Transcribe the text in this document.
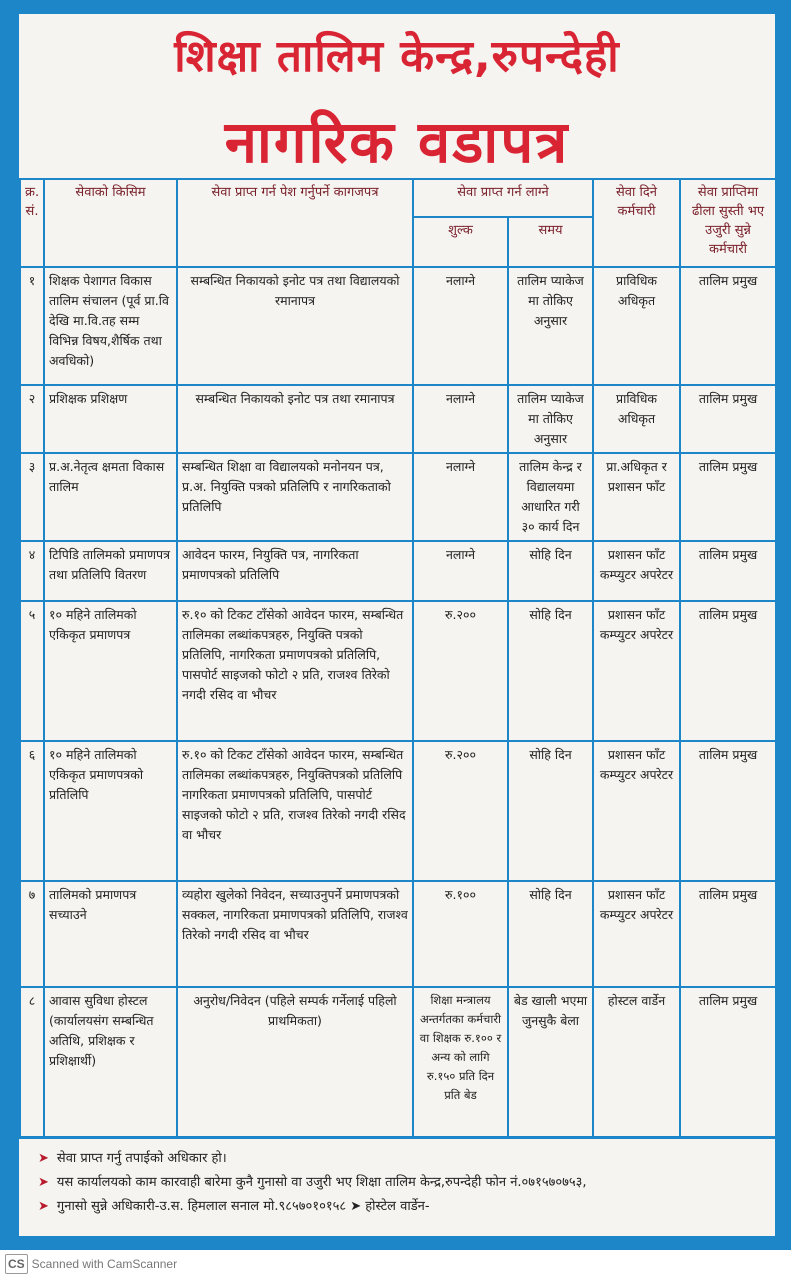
शिक्षा तालिम केन्द्र,रुपन्देही
नागरिक वडापत्र
क्र. सं.	सेवाको किसिम	सेवा प्राप्त गर्न पेश गर्नुपर्ने कागजपत्र	सेवा प्राप्त गर्न लाग्ने		सेवा दिने कर्मचारी	सेवा प्राप्तिमा ढीला सुस्ती भए उजुरी सुन्ने कर्मचारी
			शुल्क	समय		
१	शिक्षक पेशागत विकास तालिम संचालन (पूर्व प्रा.वि देखि मा.वि.तह सम्म विभिन्न विषय,शैर्षिक तथा अवधिको)	सम्बन्धित निकायको इनोट पत्र तथा विद्यालयको रमानापत्र	नलाग्ने	तालिम प्याकेज मा तोकिए अनुसार	प्राविधिक अधिकृत	तालिम प्रमुख
२	प्रशिक्षक प्रशिक्षण	सम्बन्धित निकायको इनोट पत्र तथा रमानापत्र	नलाग्ने	तालिम प्याकेज मा तोकिए अनुसार	प्राविधिक अधिकृत	तालिम प्रमुख
३	प्र.अ.नेतृत्व क्षमता विकास तालिम	सम्बन्धित शिक्षा वा विद्यालयको मनोनयन पत्र, प्र.अ. नियुक्ति पत्रको प्रतिलिपि र नागरिकताको प्रतिलिपि	नलाग्ने	तालिम केन्द्र र विद्यालयमा आधारित गरी ३० कार्य दिन	प्रा.अधिकृत र प्रशासन फाँट	तालिम प्रमुख
४	टिपिडि तालिमको प्रमाणपत्र तथा प्रतिलिपि वितरण	आवेदन फारम, नियुक्ति पत्र, नागरिकता प्रमाणपत्रको प्रतिलिपि	नलाग्ने	सोहि दिन	प्रशासन फाँट कम्प्युटर अपरेटर	तालिम प्रमुख
५	१० महिने तालिमको एकिकृत प्रमाणपत्र	रु.१० को टिकट टाँसेको आवेदन फारम, सम्बन्धित तालिमका लब्धांकपत्रहरु, नियुक्ति पत्रको प्रतिलिपि, नागरिकता प्रमाणपत्रको प्रतिलिपि, पासपोर्ट साइजको फोटो २ प्रति, राजश्व तिरेको नगदी रसिद वा भौचर	रु.२००	सोहि दिन	प्रशासन फाँट कम्प्युटर अपरेटर	तालिम प्रमुख
६	१० महिने तालिमको एकिकृत प्रमाणपत्रको प्रतिलिपि	रु.१० को टिकट टाँसेको आवेदन फारम, सम्बन्धित तालिमका लब्धांकपत्रहरु, नियुक्तिपत्रको प्रतिलिपि नागरिकता प्रमाणपत्रको प्रतिलिपि, पासपोर्ट साइजको फोटो २ प्रति, राजश्व तिरेको नगदी रसिद वा भौचर	रु.२००	सोहि दिन	प्रशासन फाँट कम्प्युटर अपरेटर	तालिम प्रमुख
७	तालिमको प्रमाणपत्र सच्याउने	व्यहोरा खुलेको निवेदन, सच्याउनुपर्ने प्रमाणपत्रको सक्कल, नागरिकता प्रमाणपत्रको प्रतिलिपि, राजश्व तिरेको नगदी रसिद वा भौचर	रु.१००	सोहि दिन	प्रशासन फाँट कम्प्युटर अपरेटर	तालिम प्रमुख
८	आवास सुविधा होस्टल (कार्यालयसंग सम्बन्धित अतिथि, प्रशिक्षक र प्रशिक्षार्थी)	अनुरोध/निवेदन (पहिले सम्पर्क गर्नेलाई पहिलो प्राथमिकता)	शिक्षा मन्त्रालय अन्तर्गतका कर्मचारी वा शिक्षक रु.१०० र अन्य को लागि रु.१५० प्रति दिन प्रति बेड	बेड खाली भएमा जुनसुकै बेला	होस्टल वार्डेन	तालिम प्रमुख

➤ सेवा प्राप्त गर्नु तपाईको अधिकार हो।
➤ यस कार्यालयको काम कारवाही बारेमा कुनै गुनासो वा उजुरी भए शिक्षा तालिम केन्द्र,रुपन्देही फोन नं.०७१५७०७५३,
➤ गुनासो सुन्ने अधिकारी-उ.स. हिमलाल सनाल मो.९८५७०१०१५८ ➤ होस्टेल वार्डेन-						
CS Scanned with CamScanner
